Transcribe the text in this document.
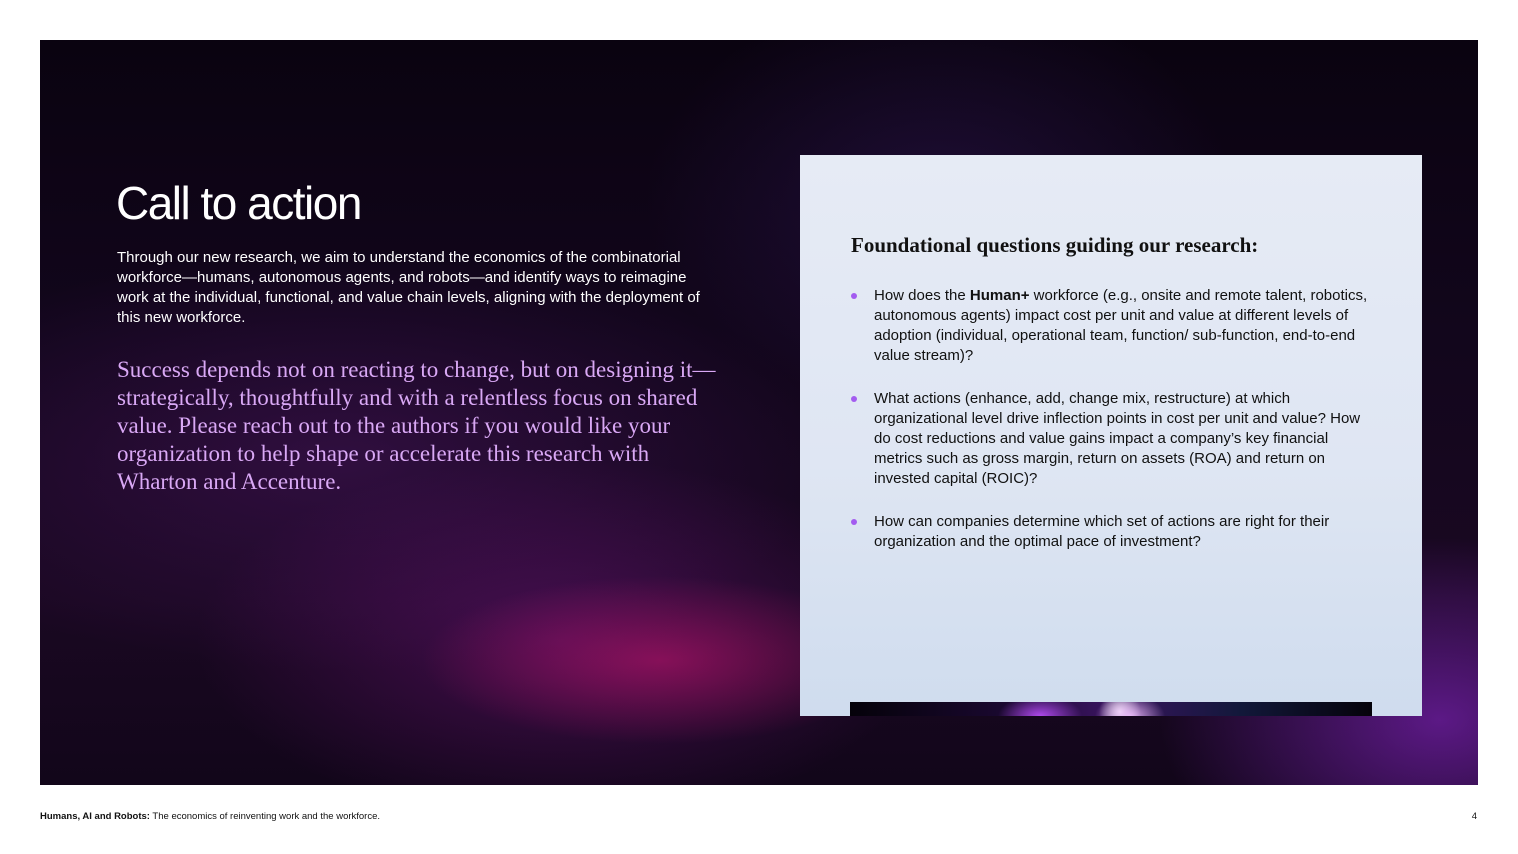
Call to action

Through our new research, we aim to understand the economics of the combinatorial workforce—humans, autonomous agents, and robots—and identify ways to reimagine work at the individual, functional, and value chain levels, aligning with the deployment of this new workforce.

Success depends not on reacting to change, but on designing it—strategically, thoughtfully and with a relentless focus on shared value. Please reach out to the authors if you would like your organization to help shape or accelerate this research with Wharton and Accenture.

Foundational questions guiding our research:
How does the Human+ workforce (e.g., onsite and remote talent, robotics, autonomous agents) impact cost per unit and value at different levels of adoption (individual, operational team, function/ sub-function, end-to-end value stream)?
What actions (enhance, add, change mix, restructure) at which organizational level drive inflection points in cost per unit and value? How do cost reductions and value gains impact a company’s key financial metrics such as gross margin, return on assets (ROA) and return on invested capital (ROIC)?
How can companies determine which set of actions are right for their organization and the optimal pace of investment?

Humans, AI and Robots: The economics of reinventing work and the workforce.	4
